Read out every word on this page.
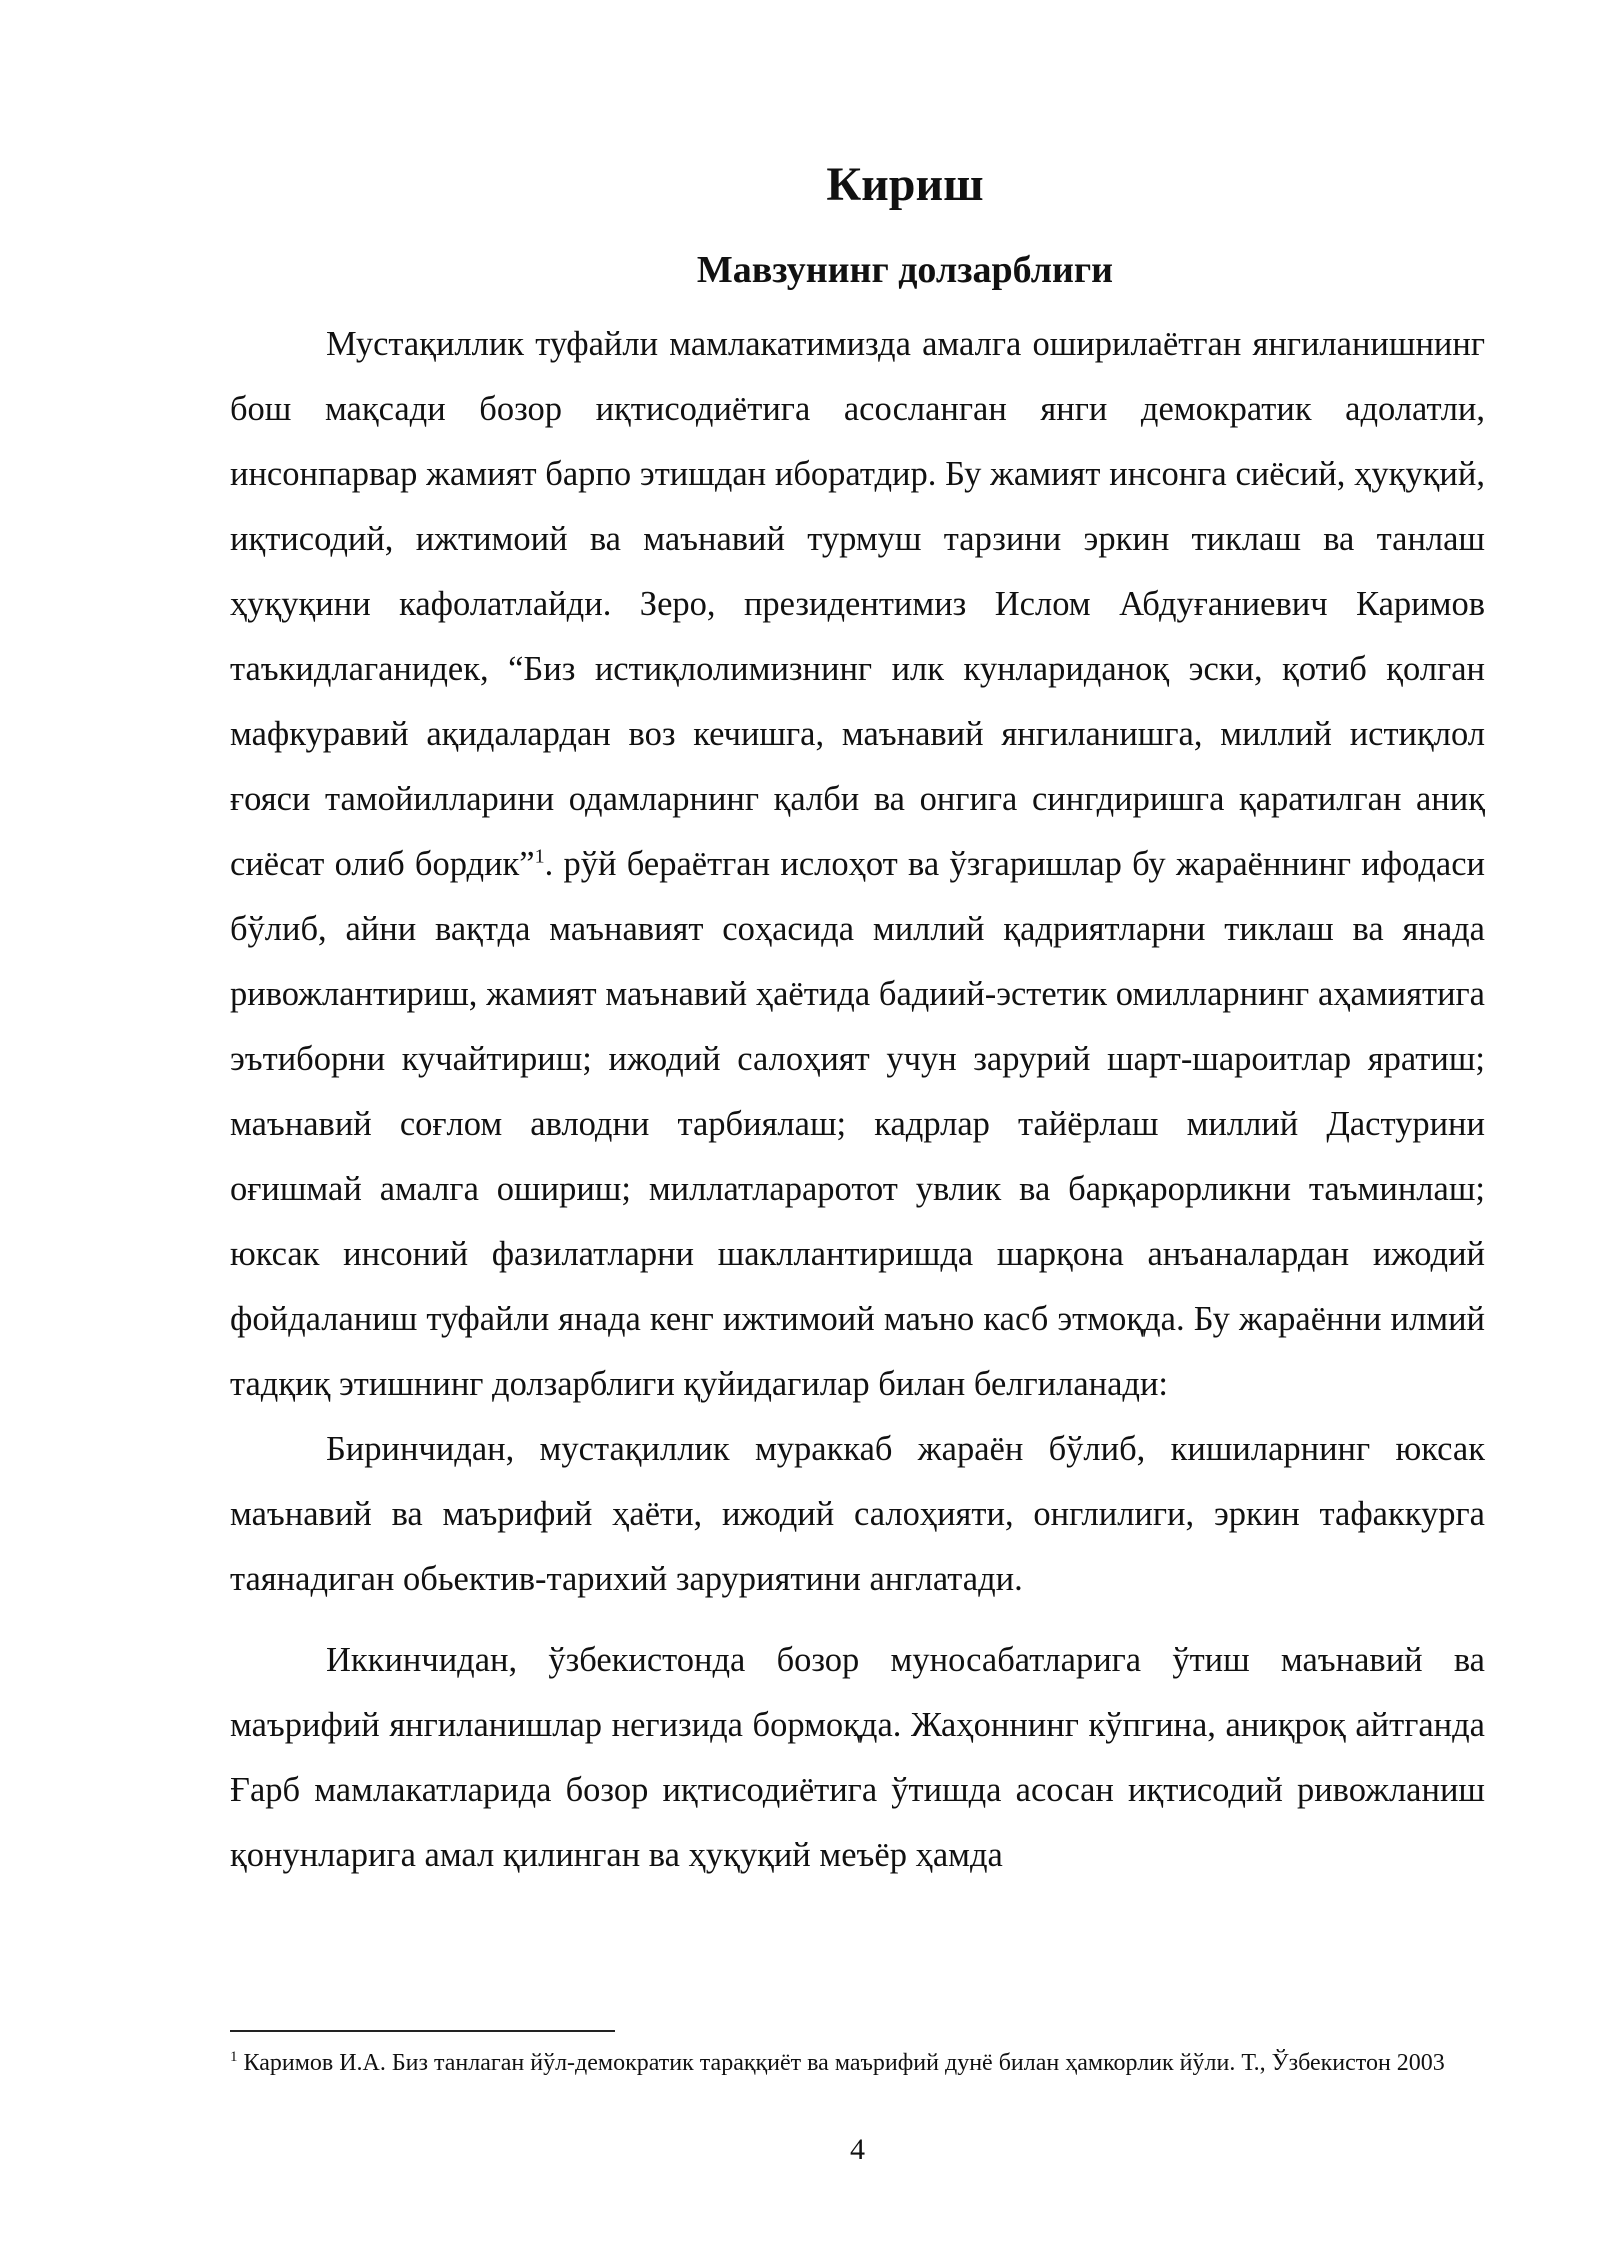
Кириш
Мавзунинг долзарблиги

Мустақиллик туфайли мамлакатимизда амалга оширилаётган янгиланишнинг бош мақсади бозор иқтисодиётига асосланган янги демократик адолатли, инсонпарвар жамият барпо этишдан иборатдир. Бу жамият инсонга сиёсий, ҳуқуқий, иқтисодий, ижтимоий ва маънавий турмуш тарзини эркин тиклаш ва танлаш ҳуқуқини кафолатлайди. Зеро, президентимиз Ислом Абдуғаниевич Каримов таъкидлаганидек, “Биз истиқлолимизнинг илк кунлариданоқ эски, қотиб қолган мафкуравий ақидалардан воз кечишга, маънавий янгиланишга, миллий истиқлол ғояси тамойилларини одамларнинг қалби ва онгига сингдиришга қаратилган аниқ сиёсат олиб бордик”$^1$. рўй бераётган ислоҳот ва ўзгаришлар бу жараённинг ифодаси бўлиб, айни вақтда маънавият соҳасида миллий қадриятларни тиклаш ва янада ривожлантириш, жамият маънавий ҳаётида бадиий-эстетик омилларнинг аҳамиятига эътиборни кучайтириш; ижодий салоҳият учун зарурий шарт-шароитлар яратиш; маънавий соғлом авлодни тарбиялаш; кадрлар тайёрлаш миллий Дастурини оғишмай амалга ошириш; миллатлараротот увлик ва барқарорликни таъминлаш; юксак инсоний фазилатларни шакллантиришда шарқона анъаналардан ижодий фойдаланиш туфайли янада кенг ижтимоий маъно касб этмоқда. Бу жараённи илмий тадқиқ этишнинг долзарблиги қуйидагилар билан белгиланади:

Биринчидан, мустақиллик мураккаб жараён бўлиб, кишиларнинг юксак маънавий ва маърифий ҳаёти, ижодий салоҳияти, онглилиги, эркин тафаккурга таянадиган обьектив-тарихий заруриятини англатади.

Иккинчидан, ўзбекистонда бозор муносабатларига ўтиш маънавий ва маърифий янгиланишлар негизида бормоқда. Жаҳоннинг кўпгина, аниқроқ айтганда Ғарб мамлакатларида бозор иқтисодиётига ўтишда асосан иқтисодий ривожланиш қонунларига амал қилинган ва ҳуқуқий меъёр ҳамда

$^1$ Каримов И.А. Биз танлаган йўл-демократик тараққиёт ва маърифий дунё билан ҳамкорлик йўли. Т., Ўзбекистон 2003

4
